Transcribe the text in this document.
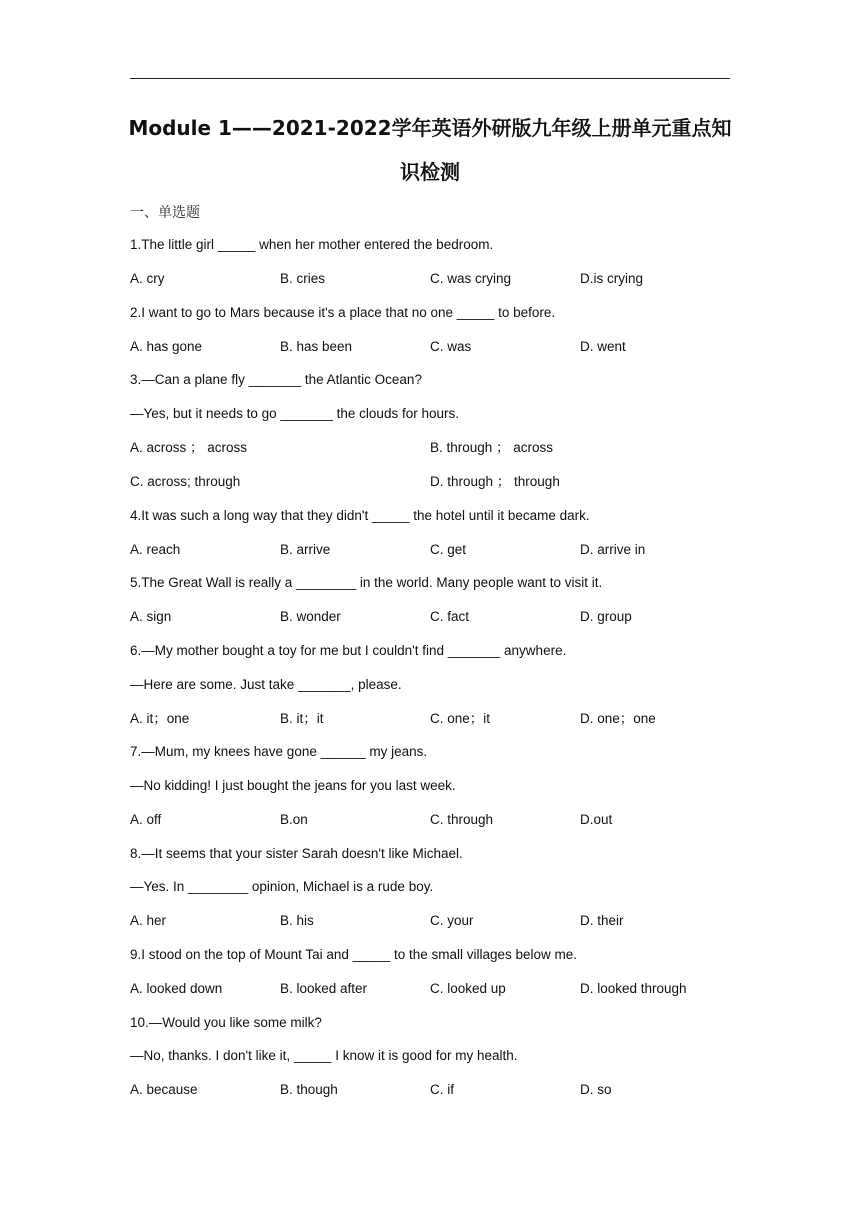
Module 1——2021-2022学年英语外研版九年级上册单元重点知
识检测
一、单选题
1.The little girl _____ when her mother entered the bedroom.
A. cry	B. cries	C. was crying	D.is crying
2.I want to go to Mars because it's a place that no one _____ to before.
A. has gone	B. has been	C. was	D. went
3.—Can a plane fly _______ the Atlantic Ocean?
—Yes, but it needs to go _______ the clouds for hours.
A. across ； across	B. through ； across
C. across; through	D. through ； through
4.It was such a long way that they didn't _____ the hotel until it became dark.
A. reach	B. arrive	C. get	D. arrive in
5.The Great Wall is really a ________ in the world. Many people want to visit it.
A. sign	B. wonder	C. fact	D. group
6.—My mother bought a toy for me but I couldn't find _______ anywhere.
—Here are some. Just take _______, please.
A. it；one	B. it；it	C. one；it	D. one；one
7.—Mum, my knees have gone ______ my jeans.
—No kidding! I just bought the jeans for you last week.
A. off	B.on	C. through	D.out
8.—It seems that your sister Sarah doesn't like Michael.
—Yes. In ________ opinion, Michael is a rude boy.
A. her	B. his	C. your	D. their
9.I stood on the top of Mount Tai and _____ to the small villages below me.
A. looked down	B. looked after	C. looked up	D. looked through
10.—Would you like some milk?
—No, thanks. I don't like it, _____ I know it is good for my health.
A. because	B. though	C. if	D. so
